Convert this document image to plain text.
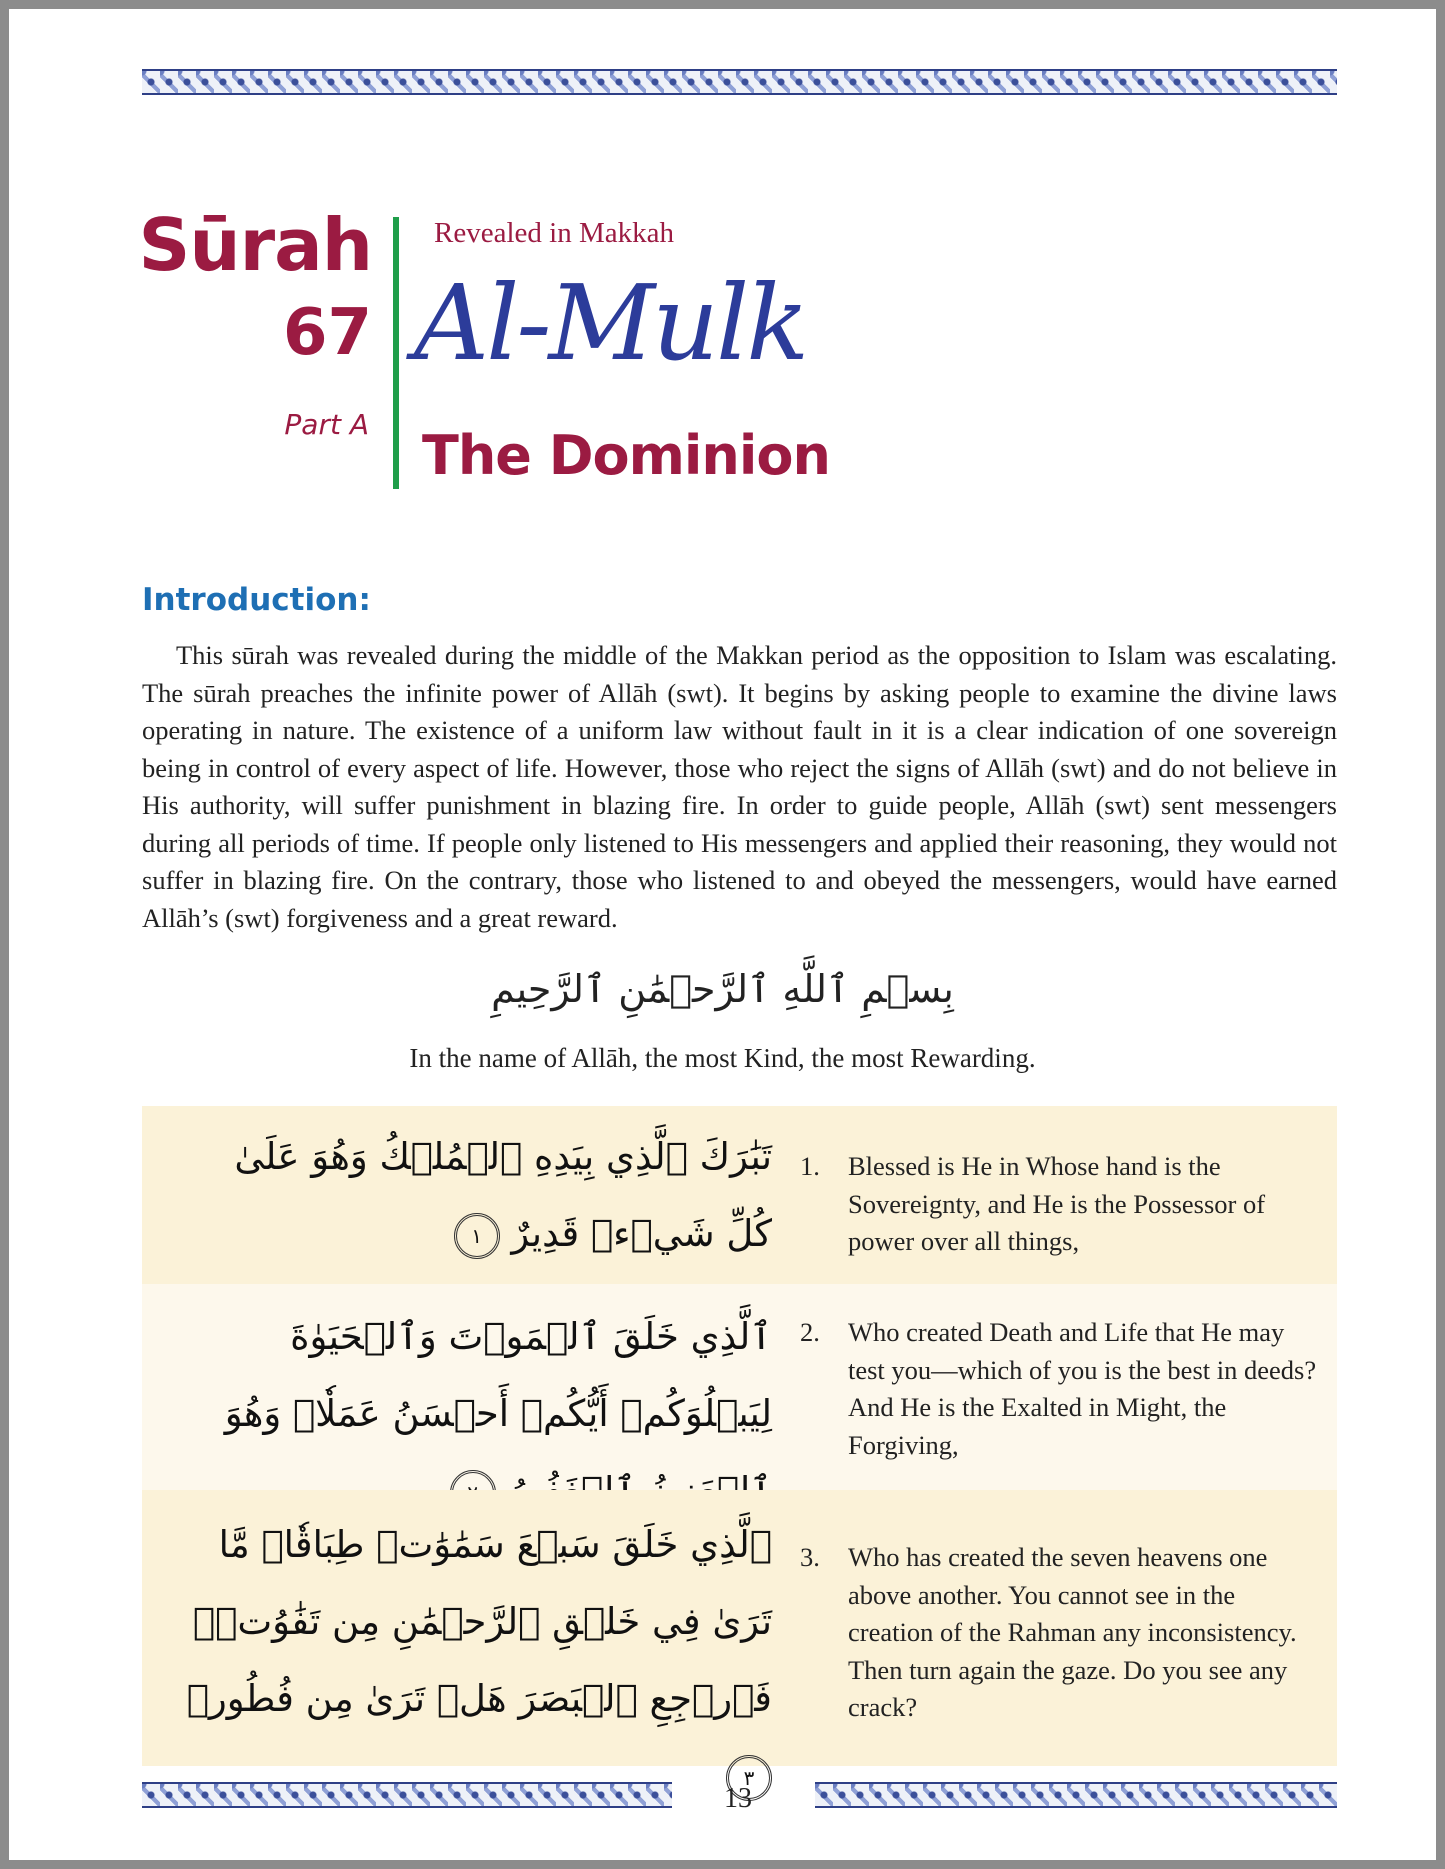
Sūrah
67
Part A
Revealed in Makkah
Al-Mulk
The Dominion
Introduction:

This sūrah was revealed during the middle of the Makkan period as the opposition to Islam was escalating. The sūrah preaches the infinite power of Allāh (swt). It begins by asking people to examine the divine laws operating in nature. The existence of a uniform law without fault in it is a clear indication of one sovereign being in control of every aspect of life. However, those who reject the signs of Allāh (swt) and do not believe in His authority, will suffer punishment in blazing fire. In order to guide people, Allāh (swt) sent messengers during all periods of time. If people only listened to His messengers and applied their reasoning, they would not suffer in blazing fire. On the contrary, those who listened to and obeyed the messengers, would have earned Allāh’s (swt) forgiveness and a great reward.

بِسۡمِ ٱللَّهِ ٱلرَّحۡمَٰنِ ٱلرَّحِيمِ
In the name of Allāh, the most Kind, the most Rewarding.
تَبَٰرَكَ ٱلَّذِي بِيَدِهِ ٱلۡمُلۡكُ وَهُوَ عَلَىٰ كُلِّ شَيۡءٖ قَدِيرٌ ١
1. Blessed is He in Whose hand is the Sovereignty, and He is the Possessor of power over all things,

ٱلَّذِي خَلَقَ ٱلۡمَوۡتَ وَٱلۡحَيَوٰةَ لِيَبۡلُوَكُمۡ أَيُّكُمۡ أَحۡسَنُ عَمَلٗاۚ وَهُوَ
2. Who created Death and Life that He may test you—which of you is the best in deeds? And He is the Exalted in Might, the Forgiving,

ٱلَّذِي خَلَقَ سَبۡعَ سَمَٰوَٰتٖ طِبَاقٗاۖ مَّا تَرَىٰ فِي خَلۡقِ ٱلرَّحۡمَٰنِ مِن تَفَٰوُتٖۖ فَٱرۡجِعِ ٱلۡبَصَرَ هَلۡ تَرَىٰ مِن فُطُورٖ ٣
3. Who has created the seven heavens one above another. You cannot see in the creation of the Rahman any inconsistency. Then turn again the gaze. Do you see any crack?

13
